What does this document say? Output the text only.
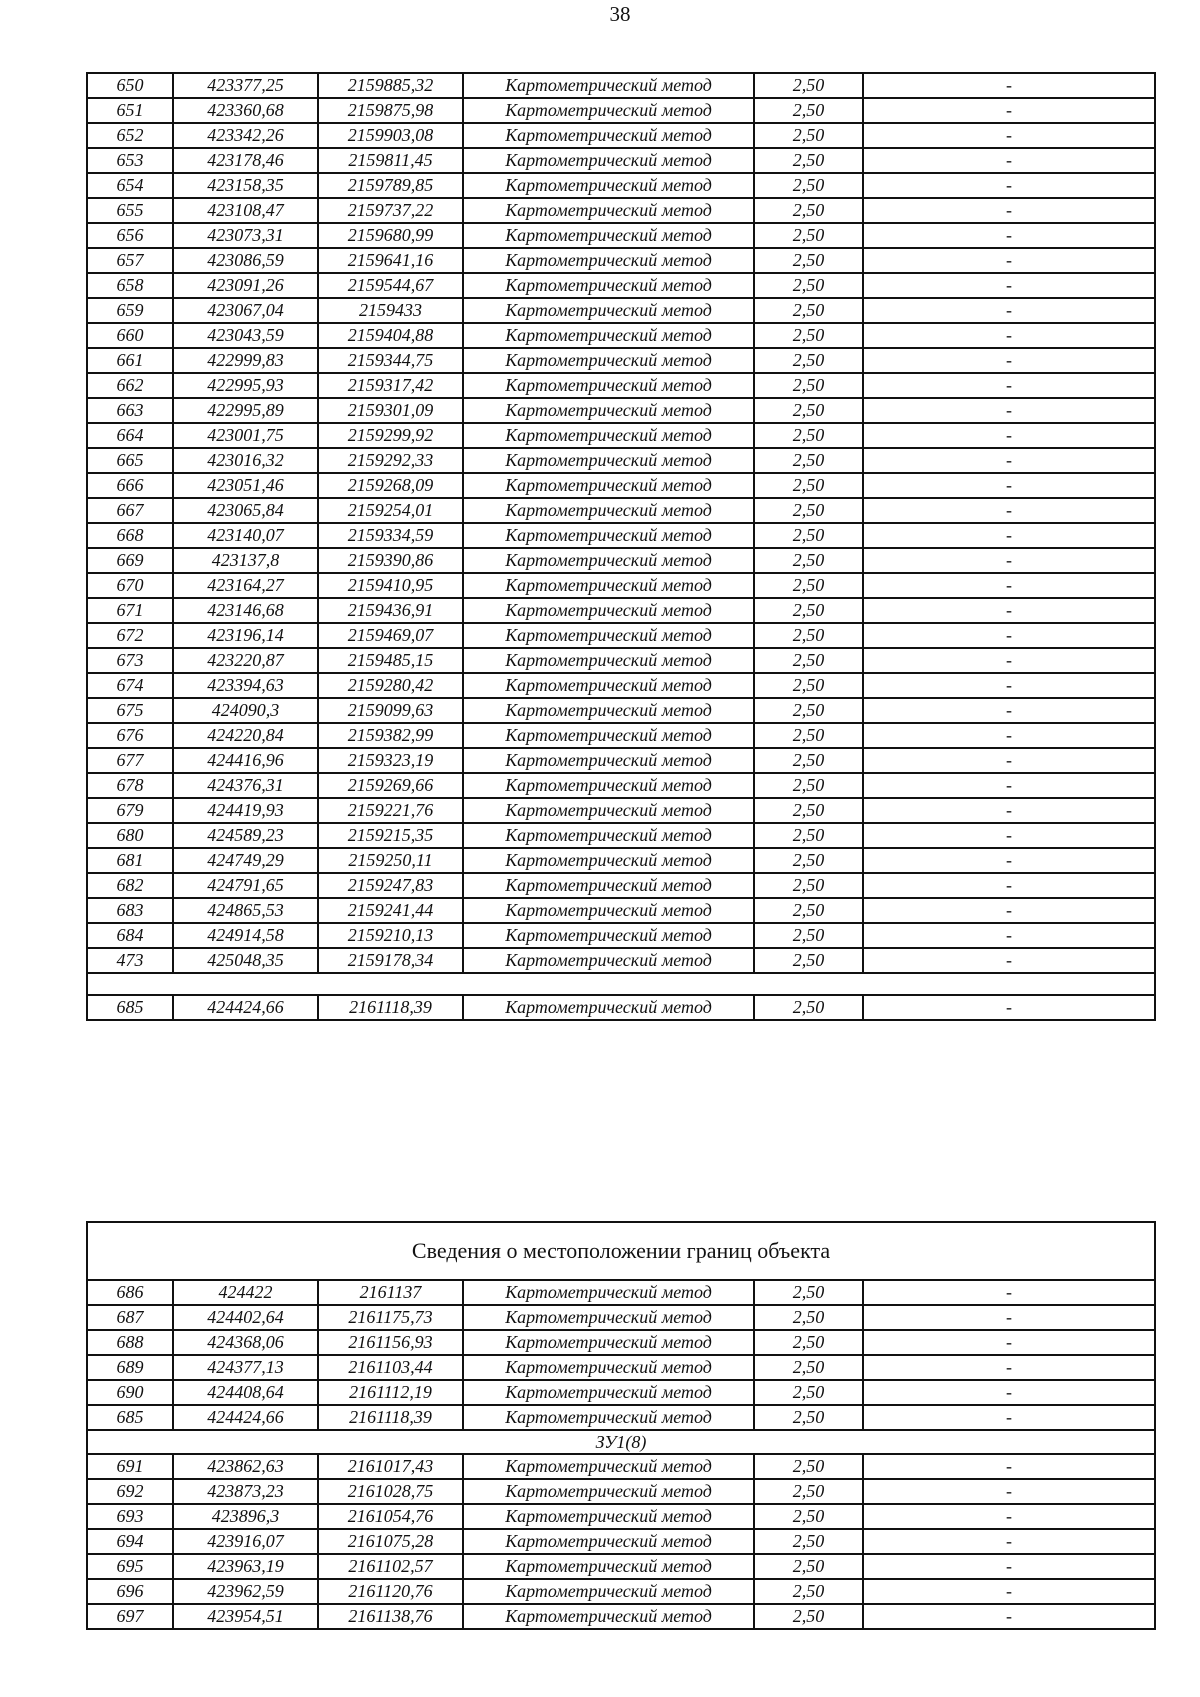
38
650	423377,25	2159885,32	Картометрический метод	2,50	-
651	423360,68	2159875,98	Картометрический метод	2,50	-
652	423342,26	2159903,08	Картометрический метод	2,50	-
653	423178,46	2159811,45	Картометрический метод	2,50	-
654	423158,35	2159789,85	Картометрический метод	2,50	-
655	423108,47	2159737,22	Картометрический метод	2,50	-
656	423073,31	2159680,99	Картометрический метод	2,50	-
657	423086,59	2159641,16	Картометрический метод	2,50	-
658	423091,26	2159544,67	Картометрический метод	2,50	-
659	423067,04	2159433	Картометрический метод	2,50	-
660	423043,59	2159404,88	Картометрический метод	2,50	-
661	422999,83	2159344,75	Картометрический метод	2,50	-
662	422995,93	2159317,42	Картометрический метод	2,50	-
663	422995,89	2159301,09	Картометрический метод	2,50	-
664	423001,75	2159299,92	Картометрический метод	2,50	-
665	423016,32	2159292,33	Картометрический метод	2,50	-
666	423051,46	2159268,09	Картометрический метод	2,50	-
667	423065,84	2159254,01	Картометрический метод	2,50	-
668	423140,07	2159334,59	Картометрический метод	2,50	-
669	423137,8	2159390,86	Картометрический метод	2,50	-
670	423164,27	2159410,95	Картометрический метод	2,50	-
671	423146,68	2159436,91	Картометрический метод	2,50	-
672	423196,14	2159469,07	Картометрический метод	2,50	-
673	423220,87	2159485,15	Картометрический метод	2,50	-
674	423394,63	2159280,42	Картометрический метод	2,50	-
675	424090,3	2159099,63	Картометрический метод	2,50	-
676	424220,84	2159382,99	Картометрический метод	2,50	-
677	424416,96	2159323,19	Картометрический метод	2,50	-
678	424376,31	2159269,66	Картометрический метод	2,50	-
679	424419,93	2159221,76	Картометрический метод	2,50	-
680	424589,23	2159215,35	Картометрический метод	2,50	-
681	424749,29	2159250,11	Картометрический метод	2,50	-
682	424791,65	2159247,83	Картометрический метод	2,50	-
683	424865,53	2159241,44	Картометрический метод	2,50	-
684	424914,58	2159210,13	Картометрический метод	2,50	-
473	425048,35	2159178,34	Картометрический метод	2,50	-

685	424424,66	2161118,39	Картометрический метод	2,50	-
Сведения о местоположении границ объекта					
686	424422	2161137	Картометрический метод	2,50	-
687	424402,64	2161175,73	Картометрический метод	2,50	-
688	424368,06	2161156,93	Картометрический метод	2,50	-
689	424377,13	2161103,44	Картометрический метод	2,50	-
690	424408,64	2161112,19	Картометрический метод	2,50	-
685	424424,66	2161118,39	Картометрический метод	2,50	-
ЗУ1(8)					
691	423862,63	2161017,43	Картометрический метод	2,50	-
692	423873,23	2161028,75	Картометрический метод	2,50	-
693	423896,3	2161054,76	Картометрический метод	2,50	-
694	423916,07	2161075,28	Картометрический метод	2,50	-
695	423963,19	2161102,57	Картометрический метод	2,50	-
696	423962,59	2161120,76	Картометрический метод	2,50	-
697	423954,51	2161138,76	Картометрический метод	2,50	-
